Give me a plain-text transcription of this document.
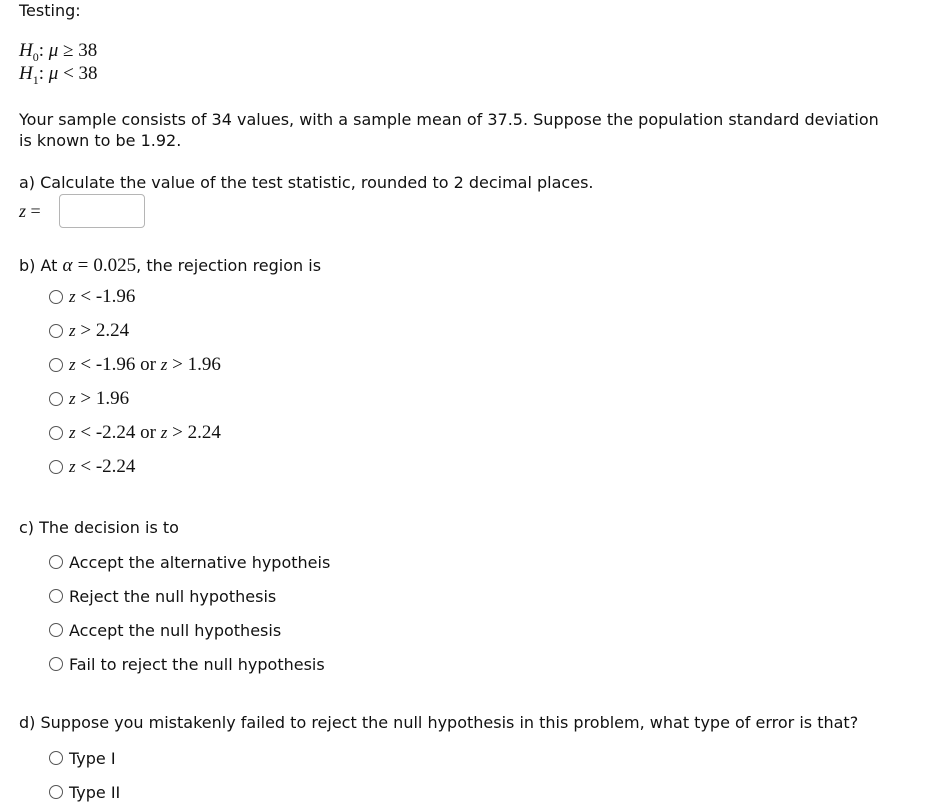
Testing:
$H_0$: μ ≥ 38
$H_1$: μ < 38
Your sample consists of 34 values, with a sample mean of 37.5. Suppose the population standard deviation
is known to be 1.92.
a) Calculate the value of the test statistic, rounded to 2 decimal places.
z =
b) At α = 0.025, the rejection region is
z < -1.96
z > 2.24
z < -1.96 or z > 1.96
z > 1.96
z < -2.24 or z > 2.24
z < -2.24
c) The decision is to
Accept the alternative hypotheis
Reject the null hypothesis
Accept the null hypothesis
Fail to reject the null hypothesis
d) Suppose you mistakenly failed to reject the null hypothesis in this problem, what type of error is that?
Type I
Type II
